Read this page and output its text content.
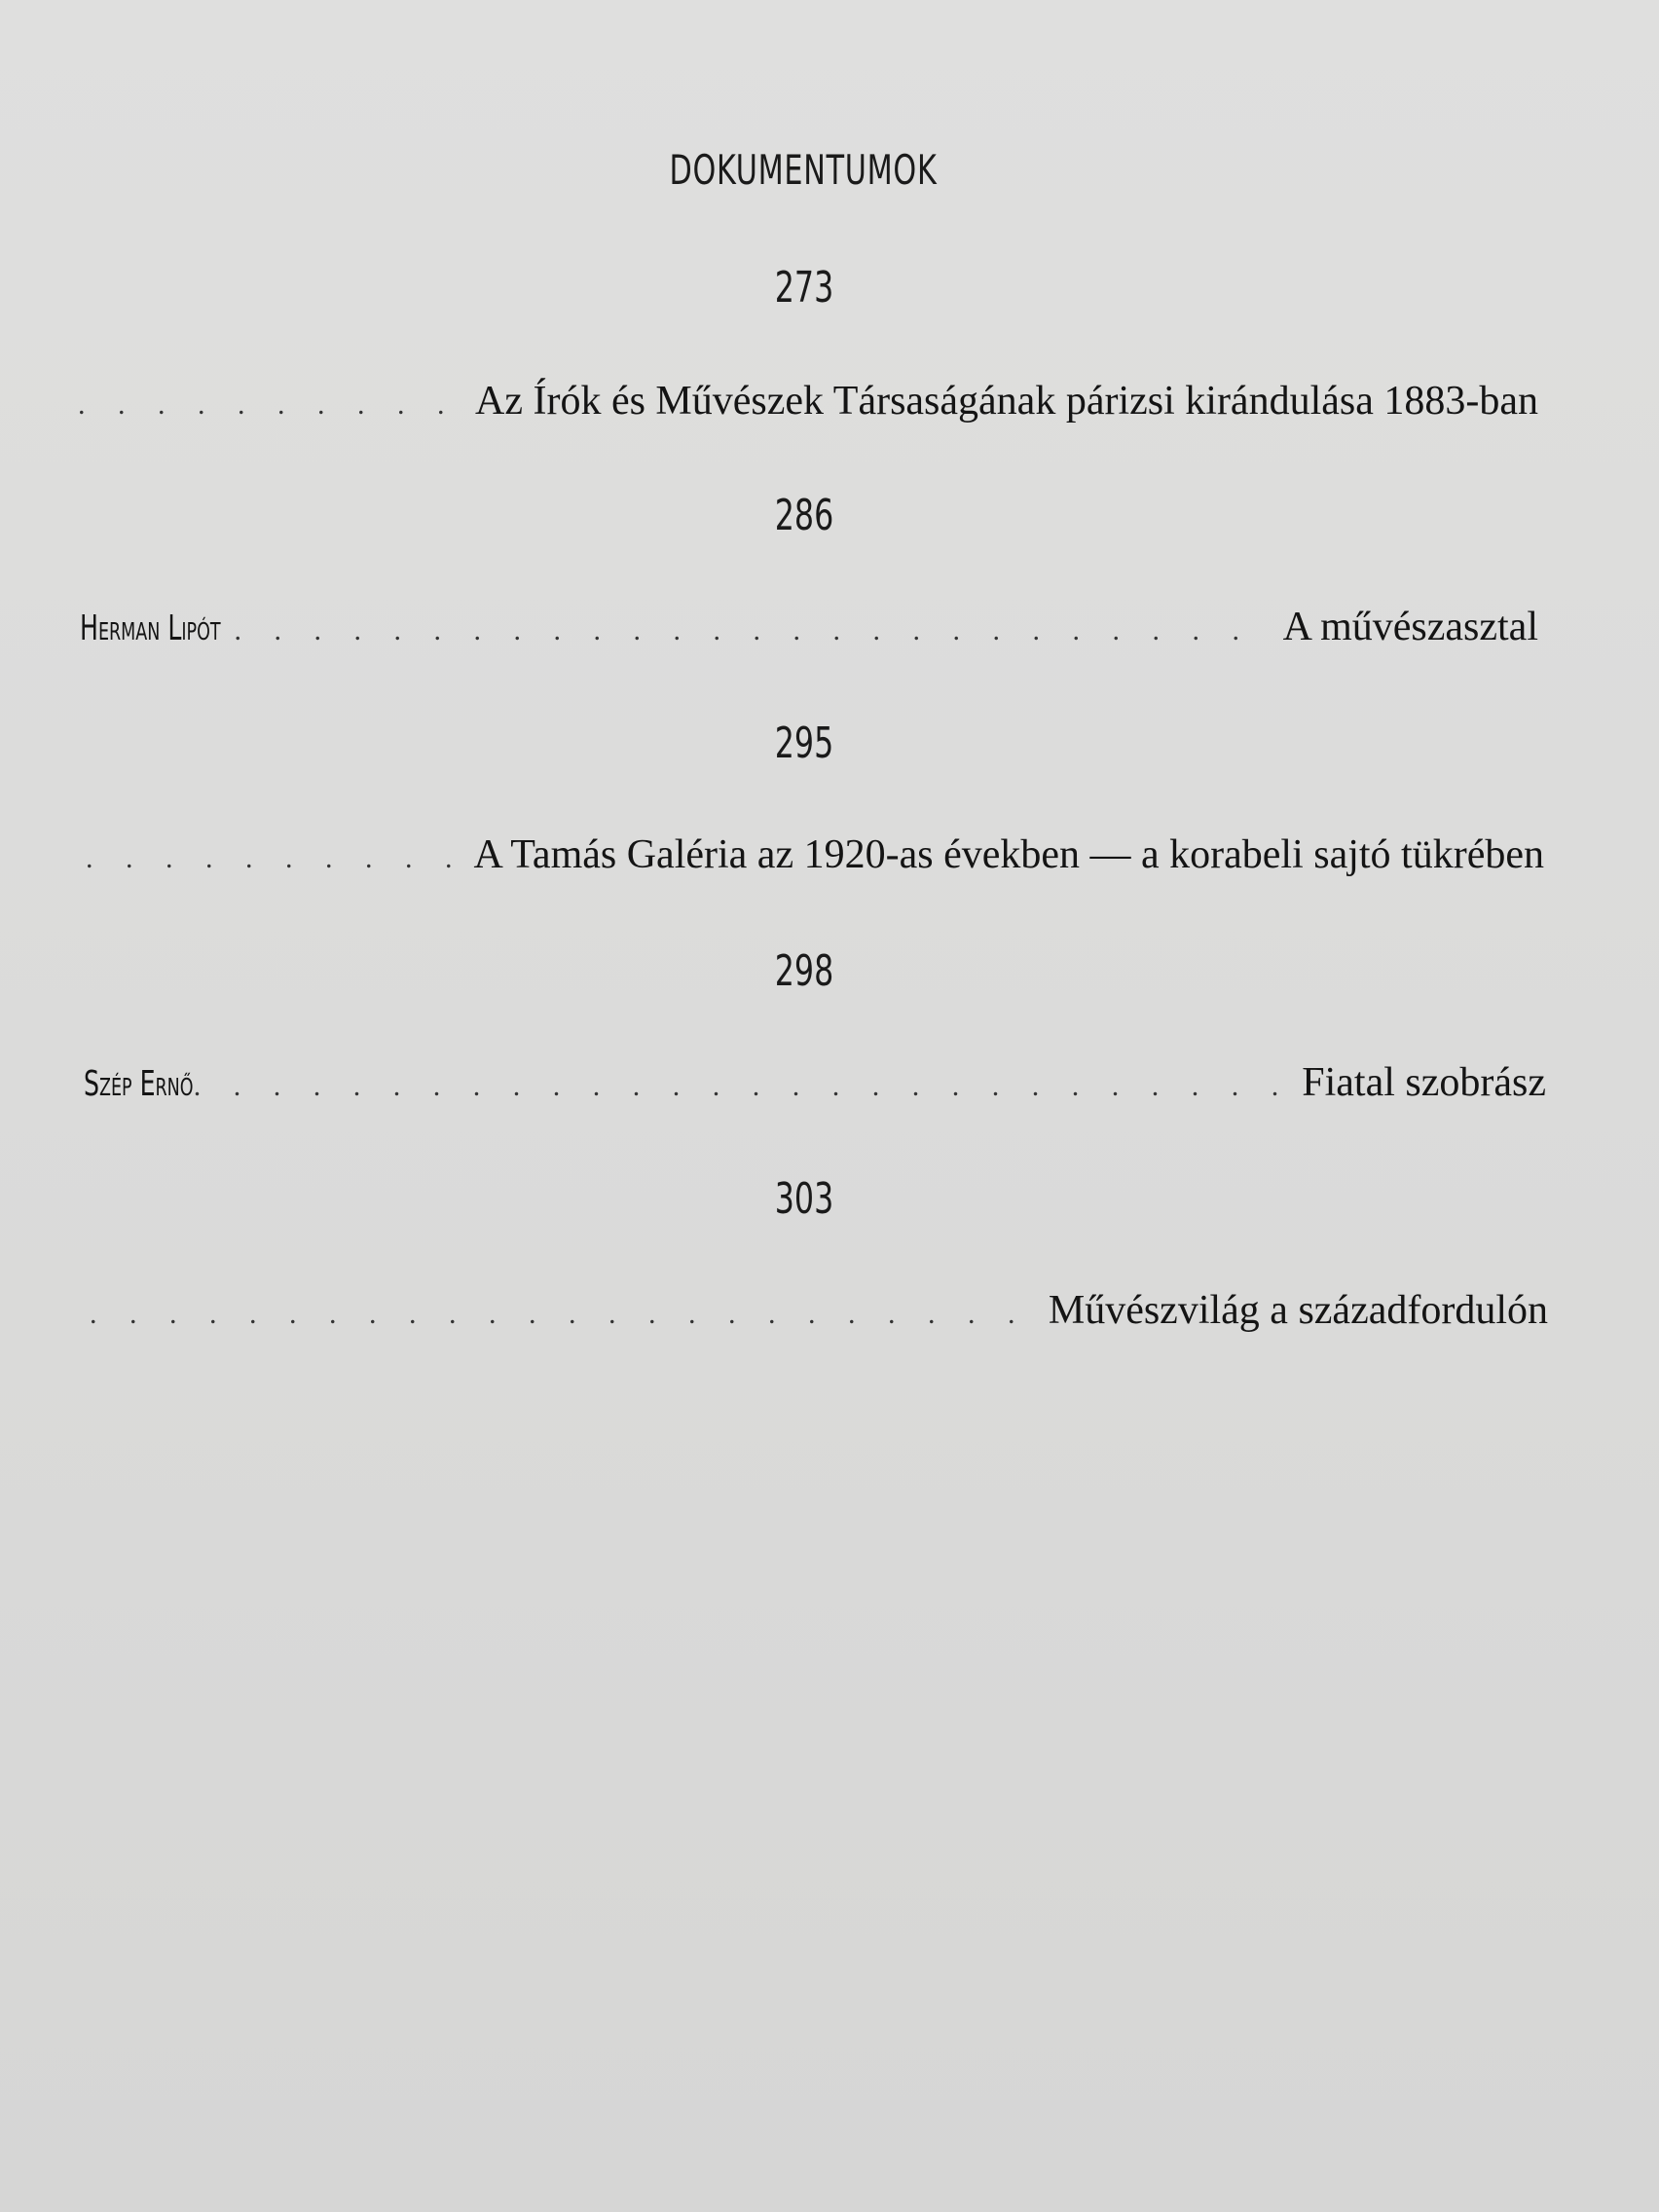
DOKUMENTUMOK
273
. . .
Az Írók és Művészek Társaságának párizsi kirándulása 1883-ban
286
Herman Lipót . . .	A művészasztal
295
. . .
A Tamás Galéria az 1920-as években — a korabeli sajtó tükrében
298
Szép Ernő . . .	Fiatal szobrász
303
. . .
Művészvilág a századfordulón
